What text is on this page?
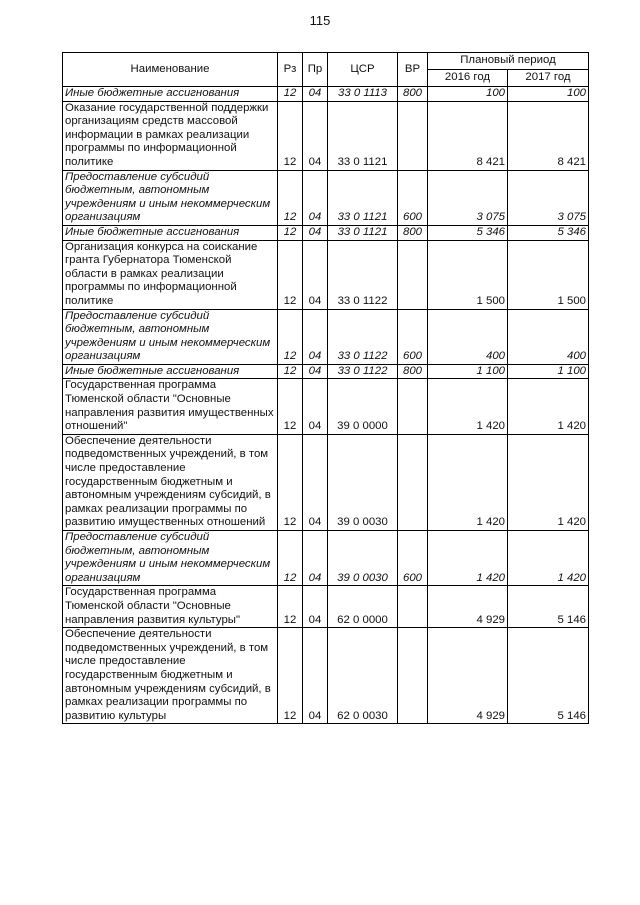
115
Наименование	Рз	Пр	ЦСР	ВР	Плановый период	
					2016 год	2017 год
Иные бюджетные ассигнования	12	04	33 0 1113	800	100	100
Оказание государственной поддержки организациям средств массовой информации в рамках реализации программы по информационной политике	12	04	33 0 1121		8 421	8 421
Предоставление субсидий бюджетным, автономным учреждениям и иным некоммерческим организациям	12	04	33 0 1121	600	3 075	3 075
Иные бюджетные ассигнования	12	04	33 0 1121	800	5 346	5 346
Организация конкурса на соискание гранта Губернатора Тюменской области в рамках реализации программы по информационной политике	12	04	33 0 1122		1 500	1 500
Предоставление субсидий бюджетным, автономным учреждениям и иным некоммерческим организациям	12	04	33 0 1122	600	400	400
Иные бюджетные ассигнования	12	04	33 0 1122	800	1 100	1 100
Государственная программа Тюменской области "Основные направления развития имущественных отношений"	12	04	39 0 0000		1 420	1 420
Обеспечение деятельности подведомственных учреждений, в том числе предоставление государственным бюджетным и автономным учреждениям субсидий, в рамках реализации программы по развитию имущественных отношений	12	04	39 0 0030		1 420	1 420
Предоставление субсидий бюджетным, автономным учреждениям и иным некоммерческим организациям	12	04	39 0 0030	600	1 420	1 420
Государственная программа Тюменской области "Основные направления развития культуры"	12	04	62 0 0000		4 929	5 146
Обеспечение деятельности подведомственных учреждений, в том числе предоставление государственным бюджетным и автономным учреждениям субсидий, в рамках реализации программы по развитию культуры	12	04	62 0 0030		4 929	5 146
